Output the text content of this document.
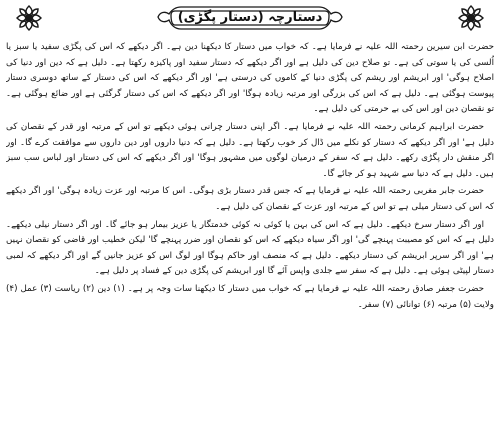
دستارچہ (دستار پگڑی)

حضرت ابن سیرین رحمتہ اللہ علیہ نے فرمایا ہے۔ کہ خواب میں دستار کا دیکھنا دین ہے۔ اگر دیکھے کہ اس کی پگڑی سفید یا سبز یا اُلسی کی یا سوتی کی ہے۔ تو صلاح دین کی دلیل ہے اور اگر دیکھے کہ دستار سفید اور پاکیزہ رکھتا ہے۔ دلیل ہے کہ دین اور دنیا کی اصلاح ہوگی' اور ابریشم اور ریشم کی پگڑی دنیا کے کاموں کی درستی ہے' اور اگر دیکھے کہ اس کی دستار کے ساتھ دوسری دستار پیوست ہوگئی ہے۔ دلیل ہے کہ اس کی بزرگی اور مرتبہ زیادہ ہوگا' اور اگر دیکھے کہ اس کی دستار گرگئی ہے اور ضائع ہوگئی ہے۔ تو نقصان دین اور اس کی بے حرمتی کی دلیل ہے۔

حضرت ابراہیم کرمانی رحمتہ اللہ علیہ نے فرمایا ہے۔ اگر اپنی دستار چرانی ہوئی دیکھے تو اس کے مرتبہ اور قدر کے نقصان کی دلیل ہے' اور اگر دیکھے کہ دستار کو نکلے میں ڈال کر خوب رکھتا ہے۔ دلیل ہے کہ دنیا داروں اور دین داروں سے موافقت کرے گا۔ اور اگر منقش دار پگڑی رکھے۔ دلیل ہے کہ سفر کے درمیان لوگوں میں مشہور ہوگا' اور اگر دیکھے کہ اس کی دستار اور لباس سب سبز ہیں۔ دلیل ہے کہ دنیا سے شہید ہو کر جائے گا۔

حضرت جابر مغربی رحمتہ اللہ علیہ نے فرمایا ہے کہ جس قدر دستار بڑی ہوگی۔ اس کا مرتبہ اور عزت زیادہ ہوگی' اور اگر دیکھے کہ اس کی دستار میلی ہے تو اس کے مرتبہ اور عزت کے نقصان کی دلیل ہے۔

اور اگر دستار سرخ دیکھے۔ دلیل ہے کہ اس کی بہن یا کوئی نہ کوئی خدمتگار یا عزیز بیمار ہو جائے گا۔ اور اگر دستار نیلی دیکھے۔ دلیل ہے کہ اس کو مصیبت پہنچے گی' اور اگر سیاہ دیکھے کہ اس کو نقصان اور ضرر پہنچے گا' لیکن خطیب اور قاضی کو نقصان نہیں ہے' اور اگر سرپر ابریشم کی دستار دیکھے۔ دلیل ہے کہ منصف اور حاکم ہوگا اور لوگ اس کو عزیز جانیں گے اور اگر دیکھے کہ لمبی دستار لپیٹی ہوئی ہے۔ دلیل ہے کہ سفر سے جلدی واپس آئے گا اور ابریشم کی پگڑی دین کے فساد پر دلیل ہے۔

حضرت جعفر صادق رحمتہ اللہ علیہ نے فرمایا ہے کہ خواب میں دستار کا دیکھنا سات وجہ پر ہے۔ (۱) دین (۲) ریاست (۳) عمل (۴) ولایت (۵) مرتبہ (۶) توانائی (۷) سفر۔
